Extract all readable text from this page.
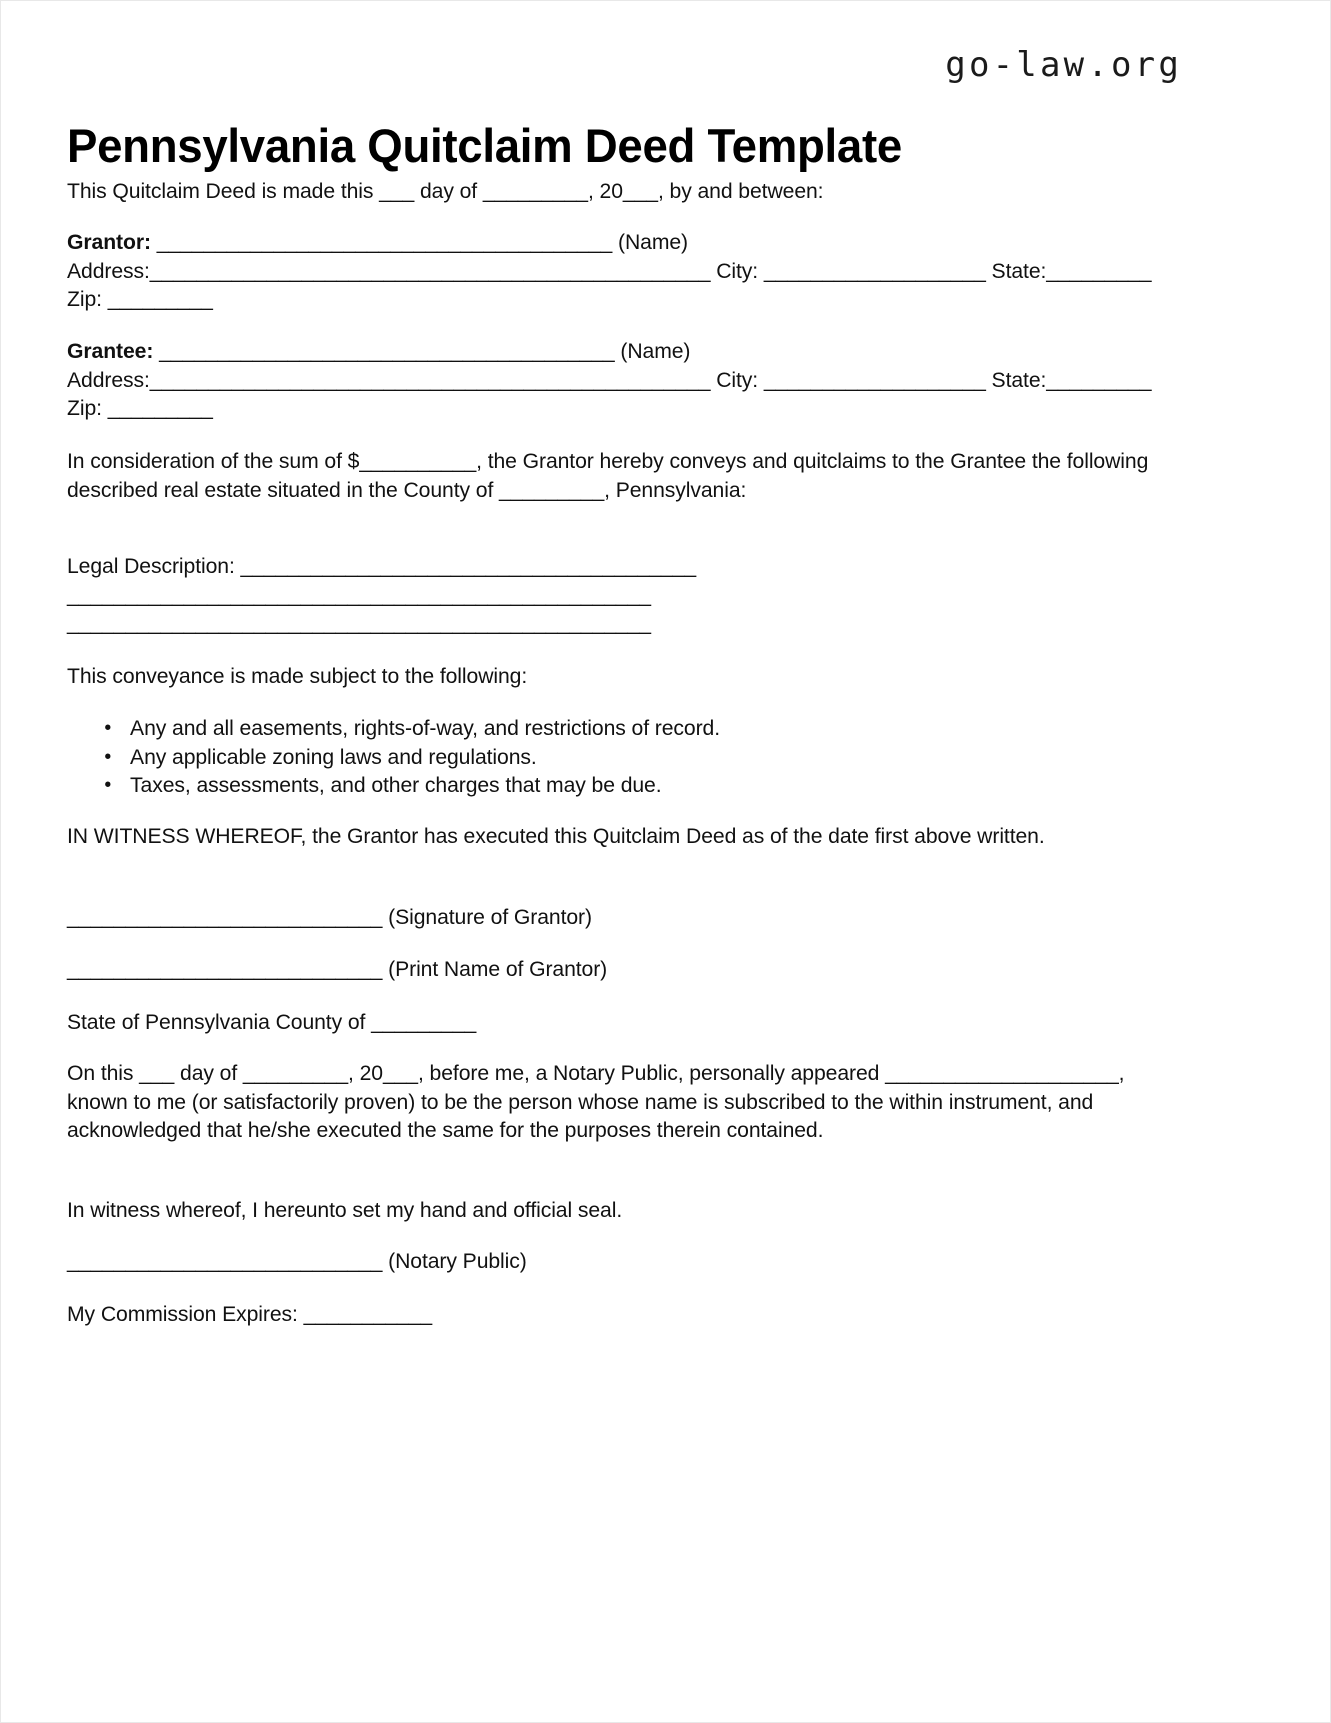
go-law.org
Pennsylvania Quitclaim Deed Template

This Quitclaim Deed is made this ___ day of _________, 20___, by and between:

Grantor: _______________________________________ (Name) Address:________________________________________________ City: ___________________ State:_________ Zip: _________

Grantee: _______________________________________ (Name) Address:________________________________________________ City: ___________________ State:_________ Zip: _________

In consideration of the sum of $__________, the Grantor hereby conveys and quitclaims to the Grantee the following described real estate situated in the County of _________, Pennsylvania:

Legal Description: _______________________________________

__________________________________________________

__________________________________________________

This conveyance is made subject to the following:

• Any and all easements, rights-of-way, and restrictions of record.
• Any applicable zoning laws and regulations.
• Taxes, assessments, and other charges that may be due.

IN WITNESS WHEREOF, the Grantor has executed this Quitclaim Deed as of the date first above written.

___________________________ (Signature of Grantor)

___________________________ (Print Name of Grantor)

State of Pennsylvania County of _________

On this ___ day of _________, 20___, before me, a Notary Public, personally appeared ____________________, known to me (or satisfactorily proven) to be the person whose name is subscribed to the within instrument, and acknowledged that he/she executed the same for the purposes therein contained.

In witness whereof, I hereunto set my hand and official seal.

___________________________ (Notary Public)

My Commission Expires: ___________
